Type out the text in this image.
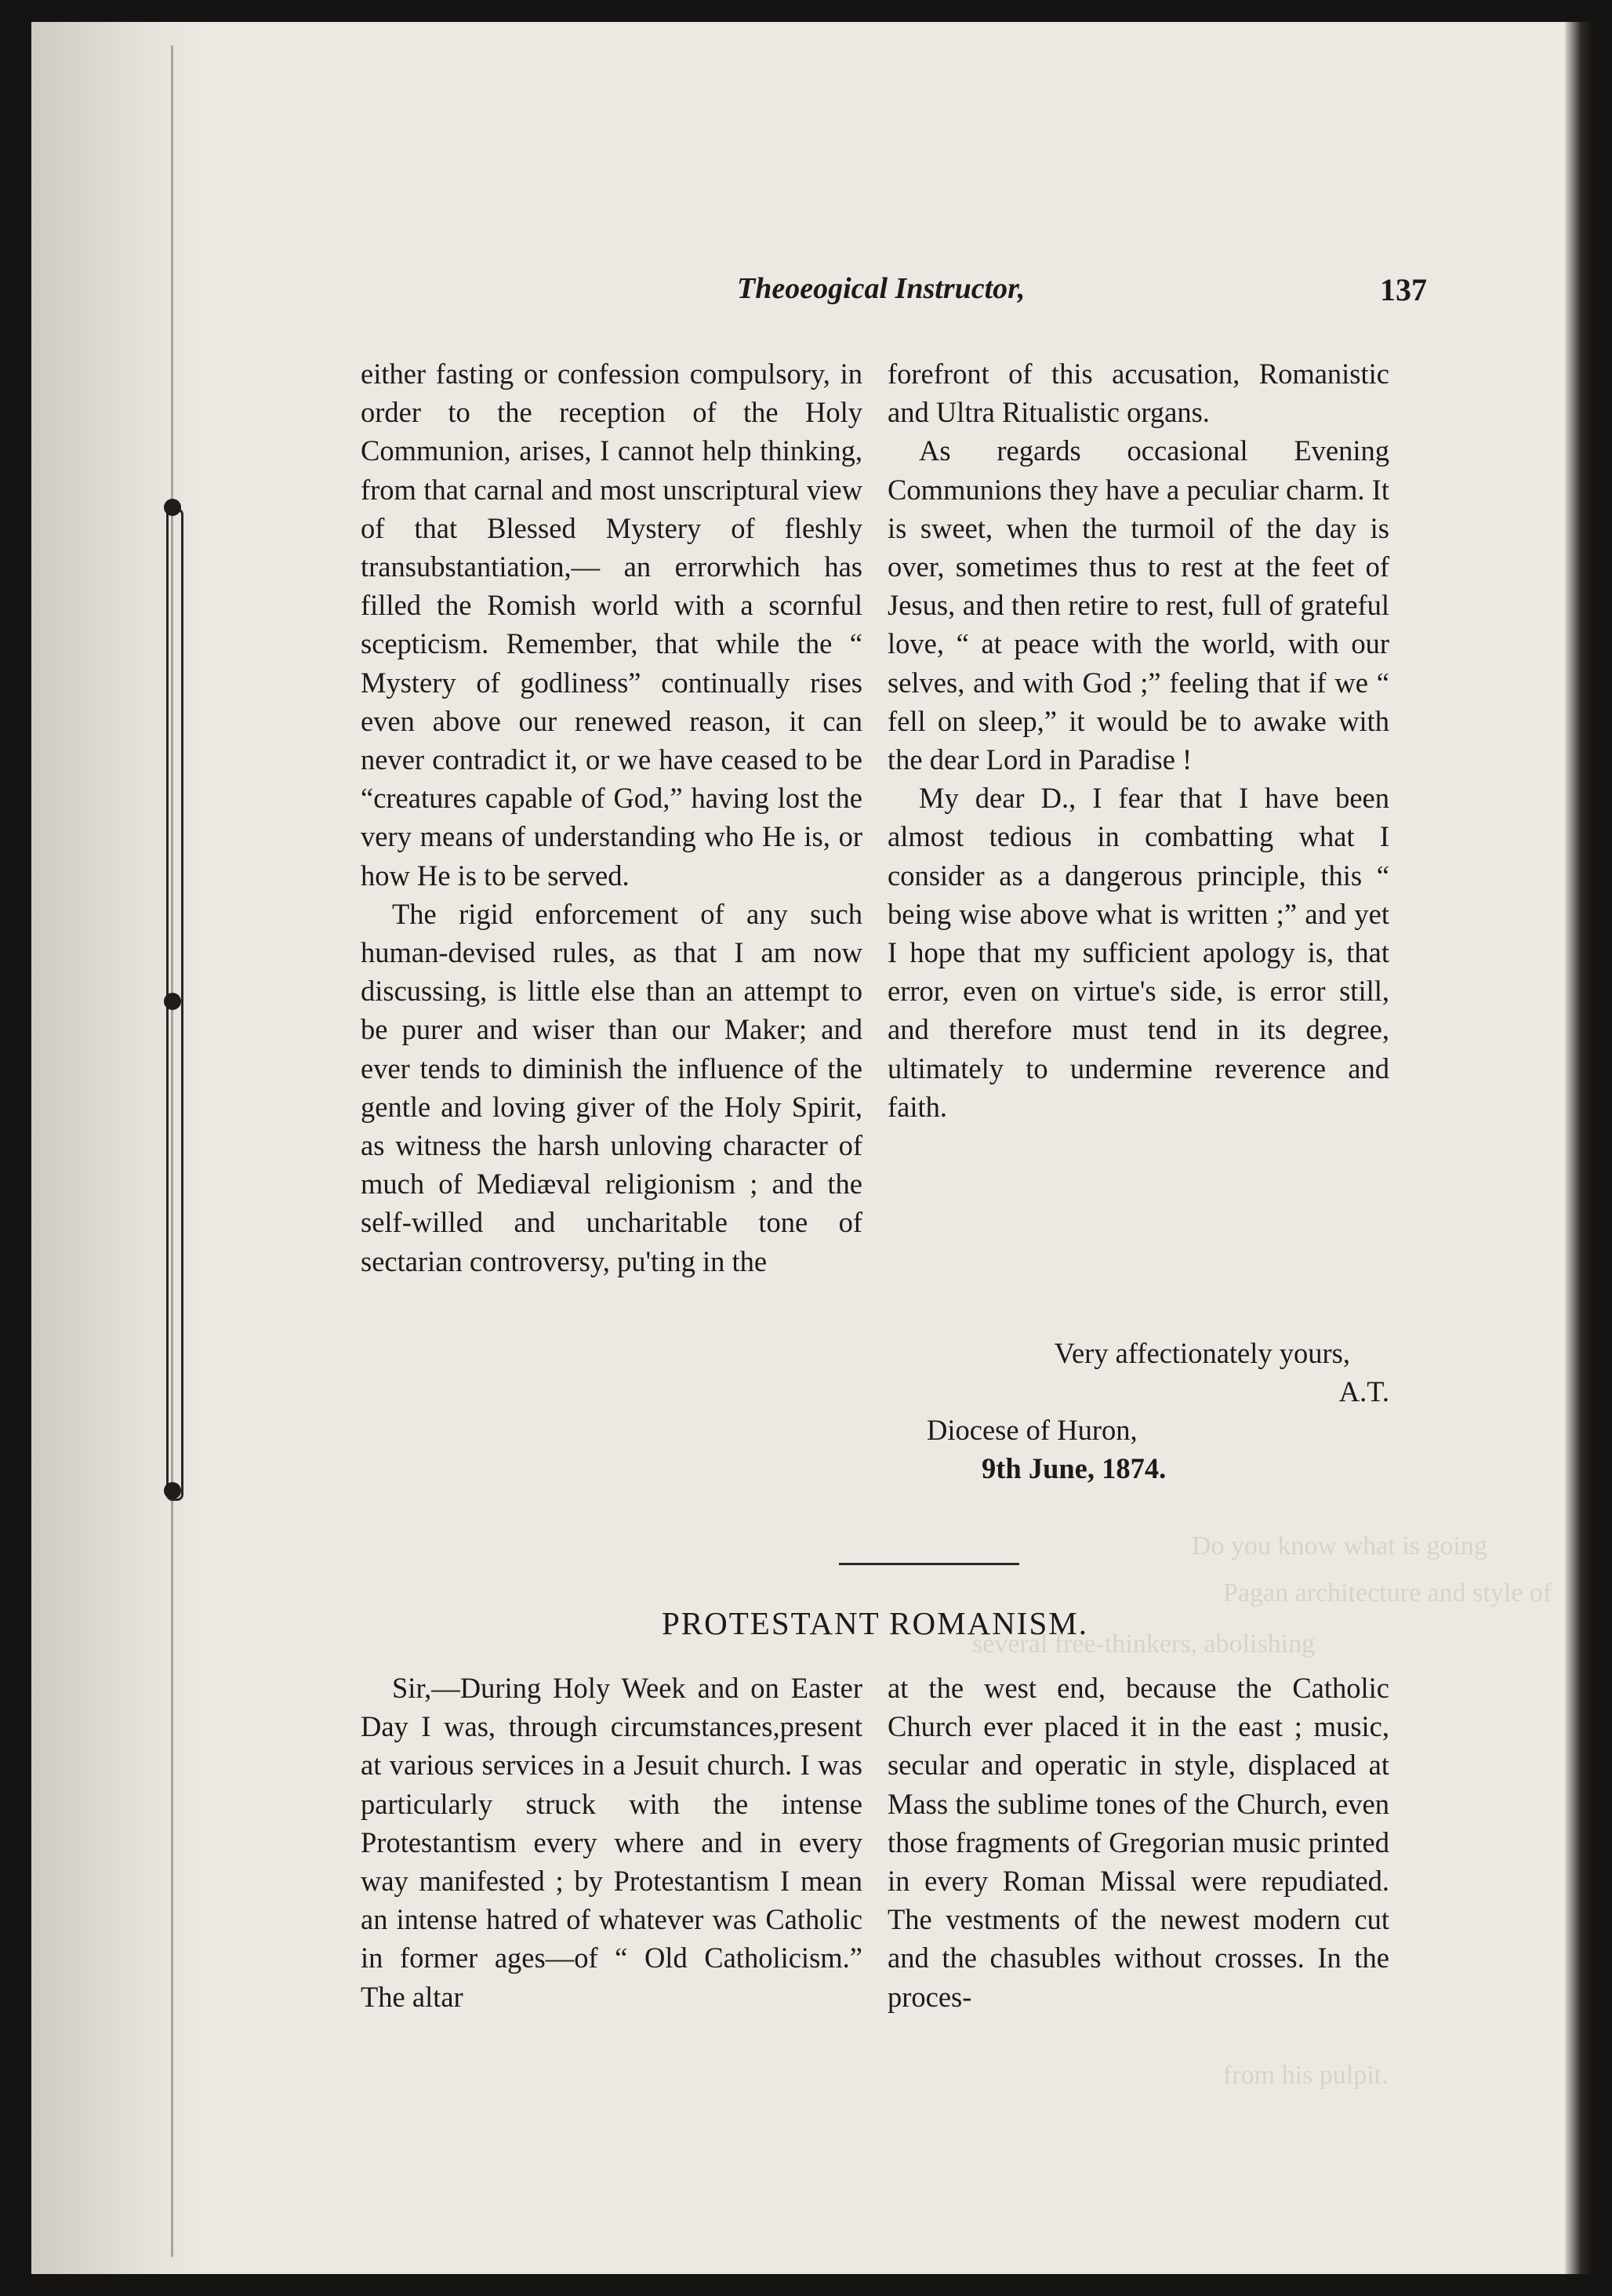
Do you know what is going
Pagan architecture and style of
several free-thinkers, abolishing
from his pulpit.
Theoeogical Instructor,	137

either fasting or confession compulsory, in order to the reception of the Holy Communion, arises, I cannot help thinking, from that carnal and most unscriptural view of that Blessed Mystery of fleshly transubstantiation,— an errorwhich has filled the Romish world with a scornful scepticism. Remember, that while the “ Mystery of godliness” continually rises even above our renewed reason, it can never contradict it, or we have ceased to be “creatures capable of God,” having lost the very means of understanding who He is, or how He is to be served.

The rigid enforcement of any such human-devised rules, as that I am now discussing, is little else than an attempt to be purer and wiser than our Maker; and ever tends to diminish the influence of the gentle and loving giver of the Holy Spirit, as witness the harsh unloving character of much of Mediæval religionism ; and the self-willed and uncharitable tone of sectarian controversy, pu'ting in the

forefront of this accusation, Romanistic and Ultra Ritualistic organs.

As regards occasional Evening Communions they have a peculiar charm. It is sweet, when the turmoil of the day is over, sometimes thus to rest at the feet of Jesus, and then retire to rest, full of grateful love, “ at peace with the world, with our selves, and with God ;” feeling that if we “ fell on sleep,” it would be to awake with the dear Lord in Paradise !

My dear D., I fear that I have been almost tedious in combatting what I consider as a dangerous principle, this “ being wise above what is written ;” and yet I hope that my sufficient apology is, that error, even on virtue's side, is error still, and therefore must tend in its degree, ultimately to undermine reverence and faith.

Very affectionately yours,
A.T.
Diocese of Huron,
9th June, 1874.
PROTESTANT ROMANISM.

Sir,—During Holy Week and on Easter Day I was, through circumstances,present at various services in a Jesuit church. I was particularly struck with the intense Protestantism every where and in every way manifested ; by Protestantism I mean an intense hatred of whatever was Catholic in former ages—of “ Old Catholicism.” The altar

at the west end, because the Catholic Church ever placed it in the east ; music, secular and operatic in style, displaced at Mass the sublime tones of the Church, even those fragments of Gregorian music printed in every Roman Missal were repudiated. The vestments of the newest modern cut and the chasubles without crosses. In the proces-
